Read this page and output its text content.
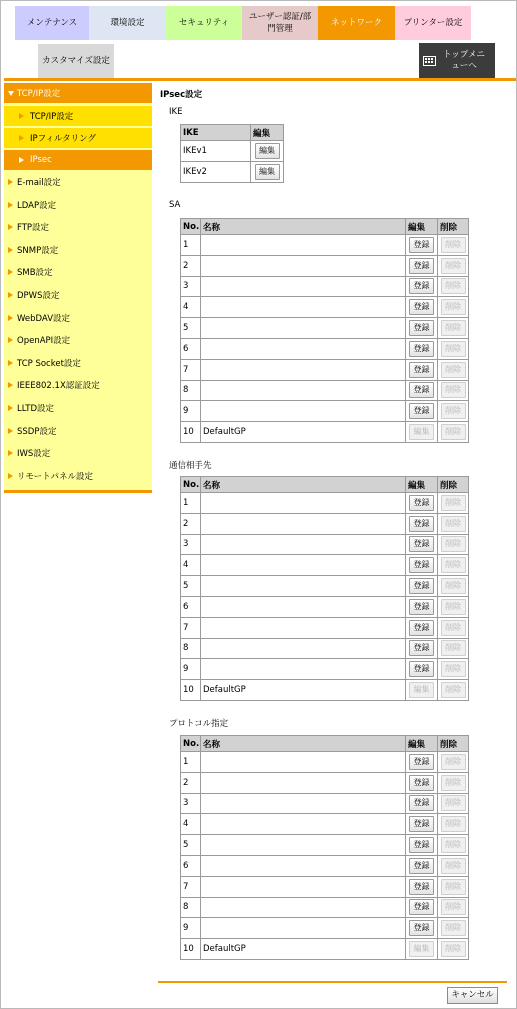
メンテナンス	環境設定	セキュリティ
ユーザー認証/部門管理
ネットワーク	プリンター設定
カスタマイズ設定
トップメニューへ
TCP/IP設定
TCP/IP設定
IPフィルタリング
IPsec
E-mail設定
LDAP設定
FTP設定
SNMP設定
SMB設定
DPWS設定
WebDAV設定
OpenAPI設定
TCP Socket設定
IEEE802.1X認証設定
LLTD設定
SSDP設定
IWS設定
リモートパネル設定
IPsec設定
IKE
IKE	編集
IKEv1	編集
IKEv2	編集
SA
No.	名称	編集	削除
1		登録	削除
2		登録	削除
3		登録	削除
4		登録	削除
5		登録	削除
6		登録	削除
7		登録	削除
8		登録	削除
9		登録	削除
10	DefaultGP	編集	削除
通信相手先
No.	名称	編集	削除
1		登録	削除
2		登録	削除
3		登録	削除
4		登録	削除
5		登録	削除
6		登録	削除
7		登録	削除
8		登録	削除
9		登録	削除
10	DefaultGP	編集	削除
プロトコル指定
No.	名称	編集	削除
1		登録	削除
2		登録	削除
3		登録	削除
4		登録	削除
5		登録	削除
6		登録	削除
7		登録	削除
8		登録	削除
9		登録	削除
10	DefaultGP	編集	削除
キャンセル
